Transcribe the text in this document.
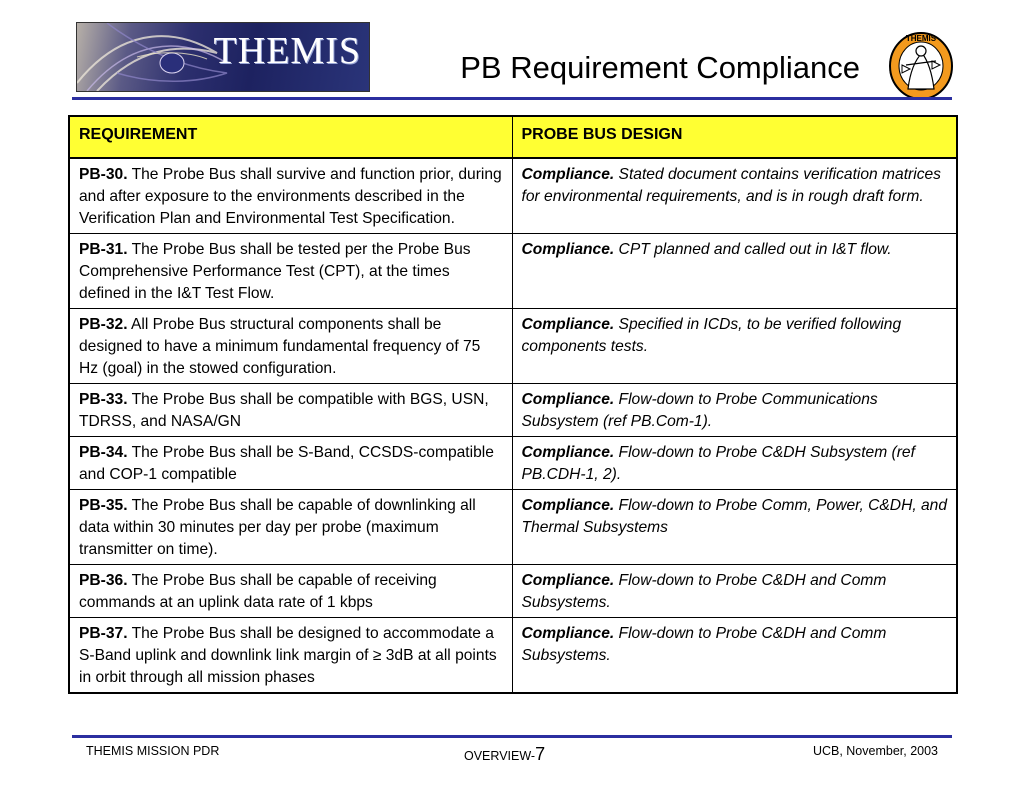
THEMIS	PB Requirement Compliance
THEMIS
REQUIREMENT	PROBE BUS DESIGN
PB-30. The Probe Bus shall survive and function prior, during and after exposure to the environments described in the Verification Plan and Environmental Test Specification.	Compliance. Stated document contains verification matrices for environmental requirements, and is in rough draft form.
PB-31. The Probe Bus shall be tested per the Probe Bus Comprehensive Performance Test (CPT), at the times defined in the I&T Test Flow.	Compliance. CPT planned and called out in I&T flow.
PB-32. All Probe Bus structural components shall be designed to have a minimum fundamental frequency of 75 Hz (goal) in the stowed configuration.	Compliance. Specified in ICDs, to be verified following components tests.
PB-33. The Probe Bus shall be compatible with BGS, USN, TDRSS, and NASA/GN	Compliance. Flow-down to Probe Communications Subsystem (ref PB.Com-1).
PB-34. The Probe Bus shall be S-Band, CCSDS-compatible and COP-1 compatible	Compliance. Flow-down to Probe C&DH Subsystem (ref PB.CDH-1, 2).
PB-35. The Probe Bus shall be capable of downlinking all data within 30 minutes per day per probe (maximum transmitter on time).	Compliance. Flow-down to Probe Comm, Power, C&DH, and Thermal Subsystems
PB-36. The Probe Bus shall be capable of receiving commands at an uplink data rate of 1 kbps	Compliance. Flow-down to Probe C&DH and Comm Subsystems.
PB-37. The Probe Bus shall be designed to accommodate a S-Band uplink and downlink link margin of ≥ 3dB at all points in orbit through all mission phases	Compliance. Flow-down to Probe C&DH and Comm Subsystems.
THEMIS MISSION PDR	OVERVIEW-7	UCB, November, 2003
